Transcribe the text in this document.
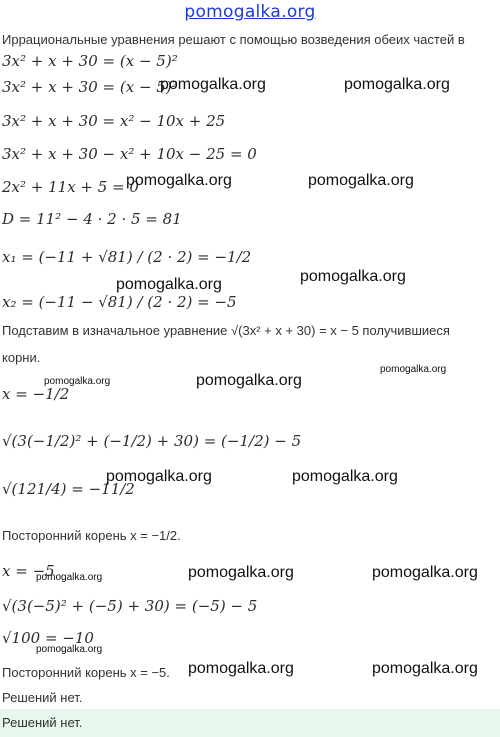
pomogalka.org
Иррациональные уравнения решают с помощью возведения обеих частей в
3x² + x + 30 = (x − 5)²
3x² + x + 30 = (x − 5)²
3x² + x + 30 = x² − 10x + 25
3x² + x + 30 − x² + 10x − 25 = 0
2x² + 11x + 5 = 0
D = 11² − 4 · 2 · 5 = 81
x₁ = (−11 + √81) / (2 · 2) = −1/2
x₂ = (−11 − √81) / (2 · 2) = −5
Подставим в изначальное уравнение √(3x² + x + 30) = x − 5 получившиеся
корни.
x = −1/2
√(3(−1/2)² + (−1/2) + 30) = (−1/2) − 5
√(121/4) = −11/2
Посторонний корень x = −1/2.
x = −5
√(3(−5)² + (−5) + 30) = (−5) − 5
√100 = −10
Посторонний корень x = −5.
Решений нет.
Решений нет.
pomogalka.org	pomogalka.org
pomogalka.org	pomogalka.org
pomogalka.org
pomogalka.org
pomogalka.org
pomogalka.org	pomogalka.org
pomogalka.org	pomogalka.org
pomogalka.org	pomogalka.org	pomogalka.org
pomogalka.org
pomogalka.org	pomogalka.org
